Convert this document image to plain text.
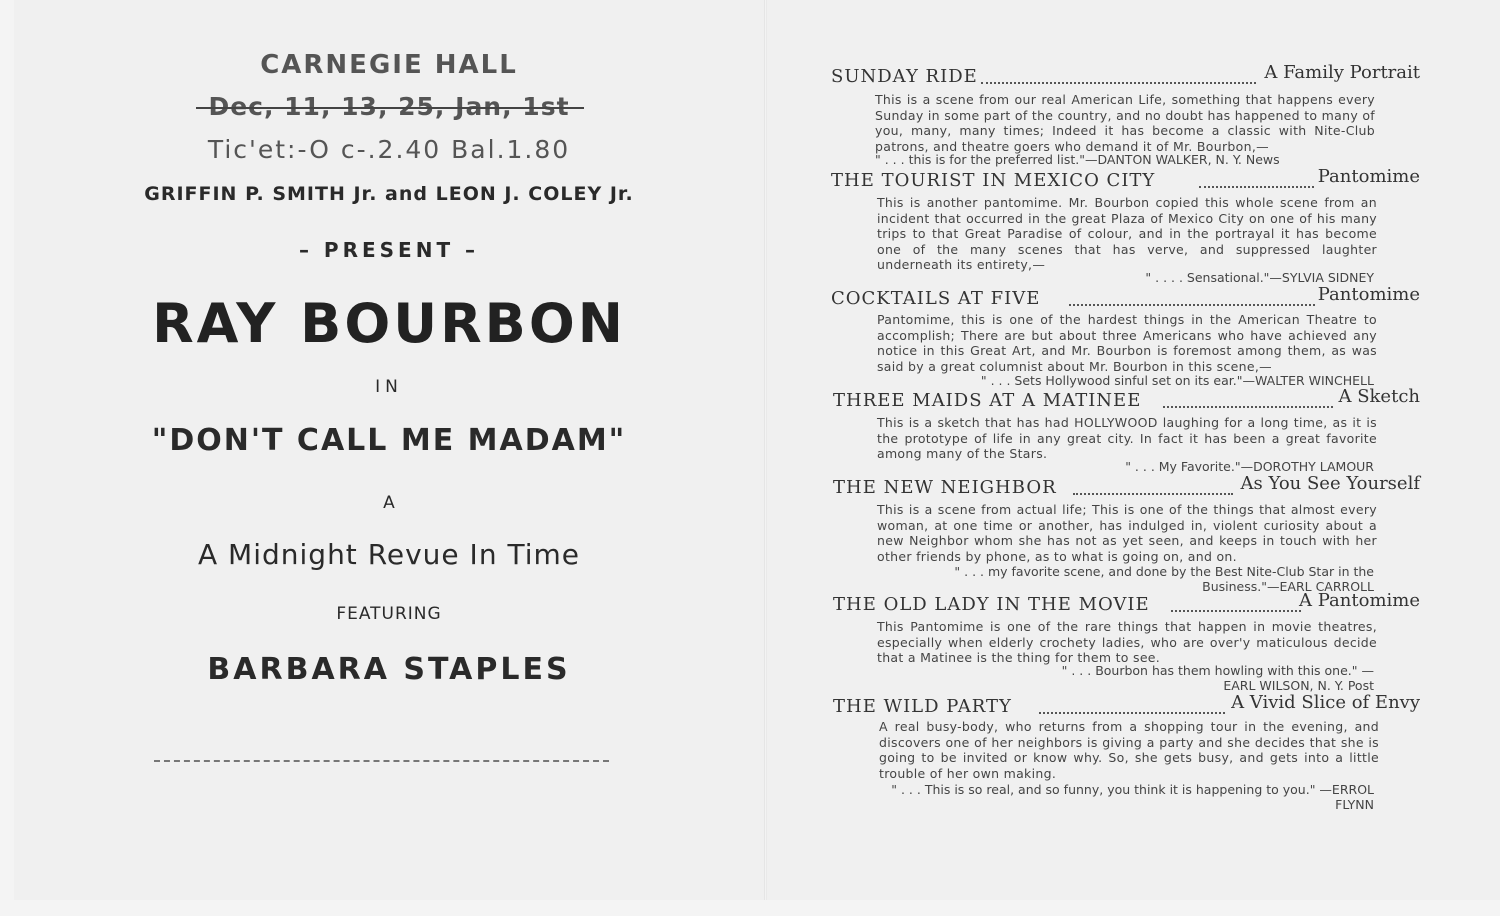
CARNEGIE HALL
Dec, 11, 13, 25, Jan, 1st
Tic'et:-O c-.2.40 Bal.1.80
GRIFFIN P. SMITH Jr. and LEON J. COLEY Jr.
– PRESENT –
RAY BOURBON
IN
"DON'T CALL ME MADAM"
A
A Midnight Revue In Time
FEATURING
BARBARA STAPLES
SUNDAY RIDE	A Family Portrait
This is a scene from our real American Life, something that happens every Sunday in some part of the country, and no doubt has happened to many of you, many, many times; Indeed it has become a classic with Nite-Club patrons, and theatre goers who demand it of Mr. Bourbon,—
" . . . this is for the preferred list."—DANTON WALKER, N. Y. News
THE TOURIST IN MEXICO CITY	Pantomime
This is another pantomime. Mr. Bourbon copied this whole scene from an incident that occurred in the great Plaza of Mexico City on one of his many trips to that Great Paradise of colour, and in the portrayal it has become one of the many scenes that has verve, and suppressed laughter underneath its entirety,—
" . . . . Sensational."—SYLVIA SIDNEY
COCKTAILS AT FIVE	Pantomime
Pantomime, this is one of the hardest things in the American Theatre to accomplish; There are but about three Americans who have achieved any notice in this Great Art, and Mr. Bourbon is foremost among them, as was said by a great columnist about Mr. Bourbon in this scene,—
" . . . Sets Hollywood sinful set on its ear."—WALTER WINCHELL
THREE MAIDS AT A MATINEE	A Sketch
This is a sketch that has had HOLLYWOOD laughing for a long time, as it is the prototype of life in any great city. In fact it has been a great favorite among many of the Stars.
" . . . My Favorite."—DOROTHY LAMOUR
THE NEW NEIGHBOR	As You See Yourself
This is a scene from actual life; This is one of the things that almost every woman, at one time or another, has indulged in, violent curiosity about a new Neighbor whom she has not as yet seen, and keeps in touch with her other friends by phone, as to what is going on, and on.
" . . . my favorite scene, and done by the Best Nite-Club Star in the Business."—EARL CARROLL
THE OLD LADY IN THE MOVIE	A Pantomime
This Pantomime is one of the rare things that happen in movie theatres, especially when elderly crochety ladies, who are over'y maticulous decide that a Matinee is the thing for them to see.
" . . . Bourbon has them howling with this one." —EARL WILSON, N. Y. Post
THE WILD PARTY	A Vivid Slice of Envy
A real busy-body, who returns from a shopping tour in the evening, and discovers one of her neighbors is giving a party and she decides that she is going to be invited or know why. So, she gets busy, and gets into a little trouble of her own making.
" . . . This is so real, and so funny, you think it is happening to you." —ERROL FLYNN
